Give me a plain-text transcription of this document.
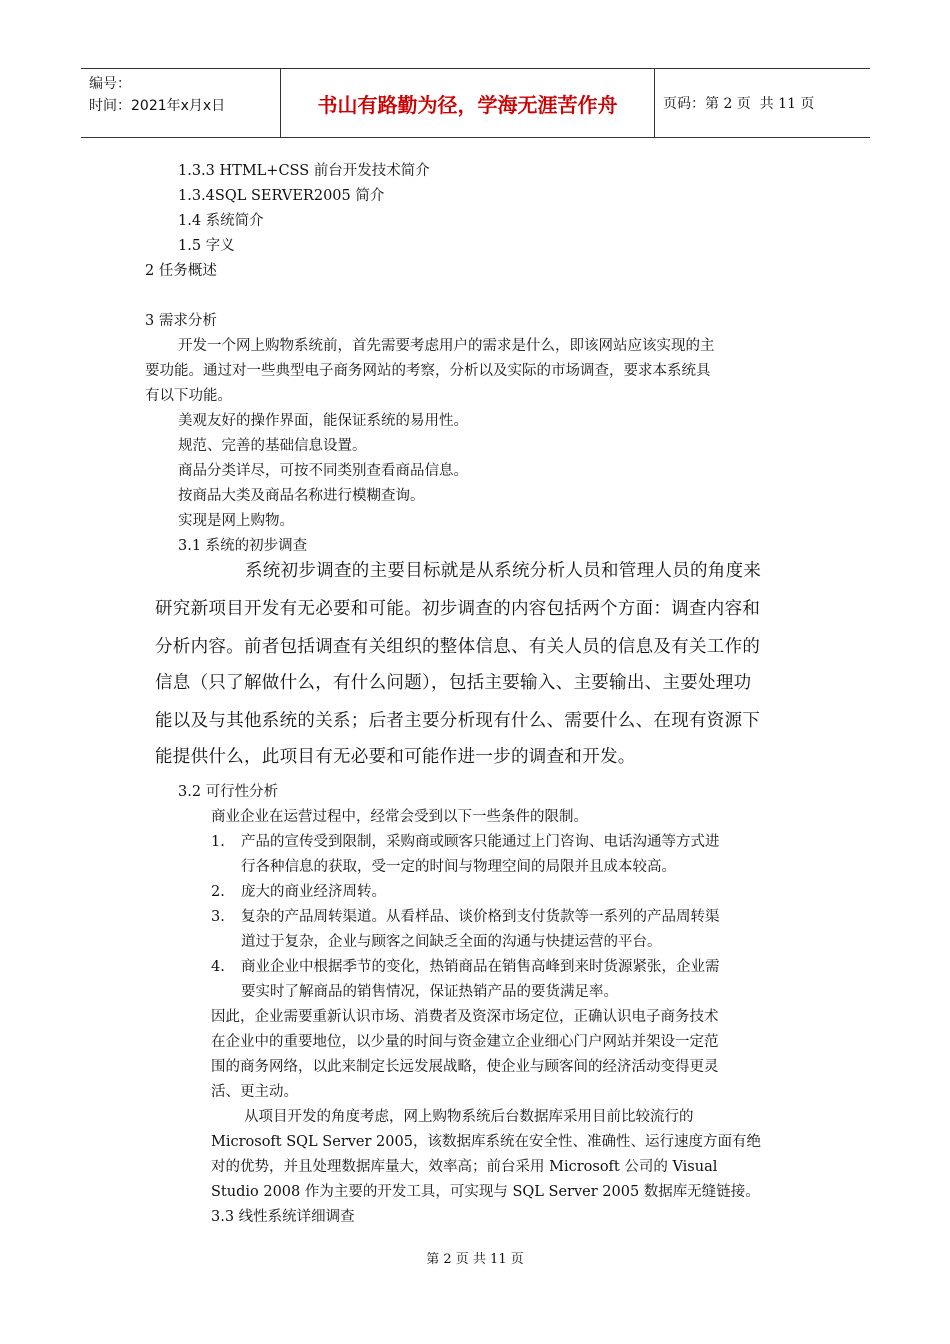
编号：
时间：2021年x月x日	书山有路勤为径，学海无涯苦作舟	页码：第 2 页  共 11 页
1.3.3 HTML+CSS 前台开发技术简介
1.3.4SQL SERVER2005 简介
1.4 系统简介
1.5 字义
2 任务概述
3 需求分析
开发一个网上购物系统前，首先需要考虑用户的需求是什么，即该网站应该实现的主
要功能。通过对一些典型电子商务网站的考察，分析以及实际的市场调查，要求本系统具
有以下功能。
美观友好的操作界面，能保证系统的易用性。
规范、完善的基础信息设置。
商品分类详尽，可按不同类别查看商品信息。
按商品大类及商品名称进行模糊查询。
实现是网上购物。
3.1 系统的初步调查
系统初步调查的主要目标就是从系统分析人员和管理人员的角度来
研究新项目开发有无必要和可能。初步调查的内容包括两个方面：调查内容和
分析内容。前者包括调查有关组织的整体信息、有关人员的信息及有关工作的
信息（只了解做什么，有什么问题），包括主要输入、主要输出、主要处理功
能以及与其他系统的关系；后者主要分析现有什么、需要什么、在现有资源下
能提供什么，此项目有无必要和可能作进一步的调查和开发。
3.2 可行性分析
商业企业在运营过程中，经常会受到以下一些条件的限制。
1. 产品的宣传受到限制，采购商或顾客只能通过上门咨询、电话沟通等方式进
行各种信息的获取，受一定的时间与物理空间的局限并且成本较高。
2. 庞大的商业经济周转。
3. 复杂的产品周转渠道。从看样品、谈价格到支付货款等一系列的产品周转渠
道过于复杂，企业与顾客之间缺乏全面的沟通与快捷运营的平台。
4. 商业企业中根据季节的变化，热销商品在销售高峰到来时货源紧张，企业需
要实时了解商品的销售情况，保证热销产品的要货满足率。
因此，企业需要重新认识市场、消费者及资深市场定位，正确认识电子商务技术
在企业中的重要地位，以少量的时间与资金建立企业细心门户网站并架设一定范
围的商务网络，以此来制定长远发展战略，使企业与顾客间的经济活动变得更灵
活、更主动。
从项目开发的角度考虑，网上购物系统后台数据库采用目前比较流行的
Microsoft SQL Server 2005，该数据库系统在安全性、准确性、运行速度方面有绝
对的优势，并且处理数据库量大，效率高；前台采用 Microsoft 公司的 Visual
Studio 2008 作为主要的开发工具，可实现与 SQL Server 2005 数据库无缝链接。
3.3 线性系统详细调查
第 2 页 共 11 页
